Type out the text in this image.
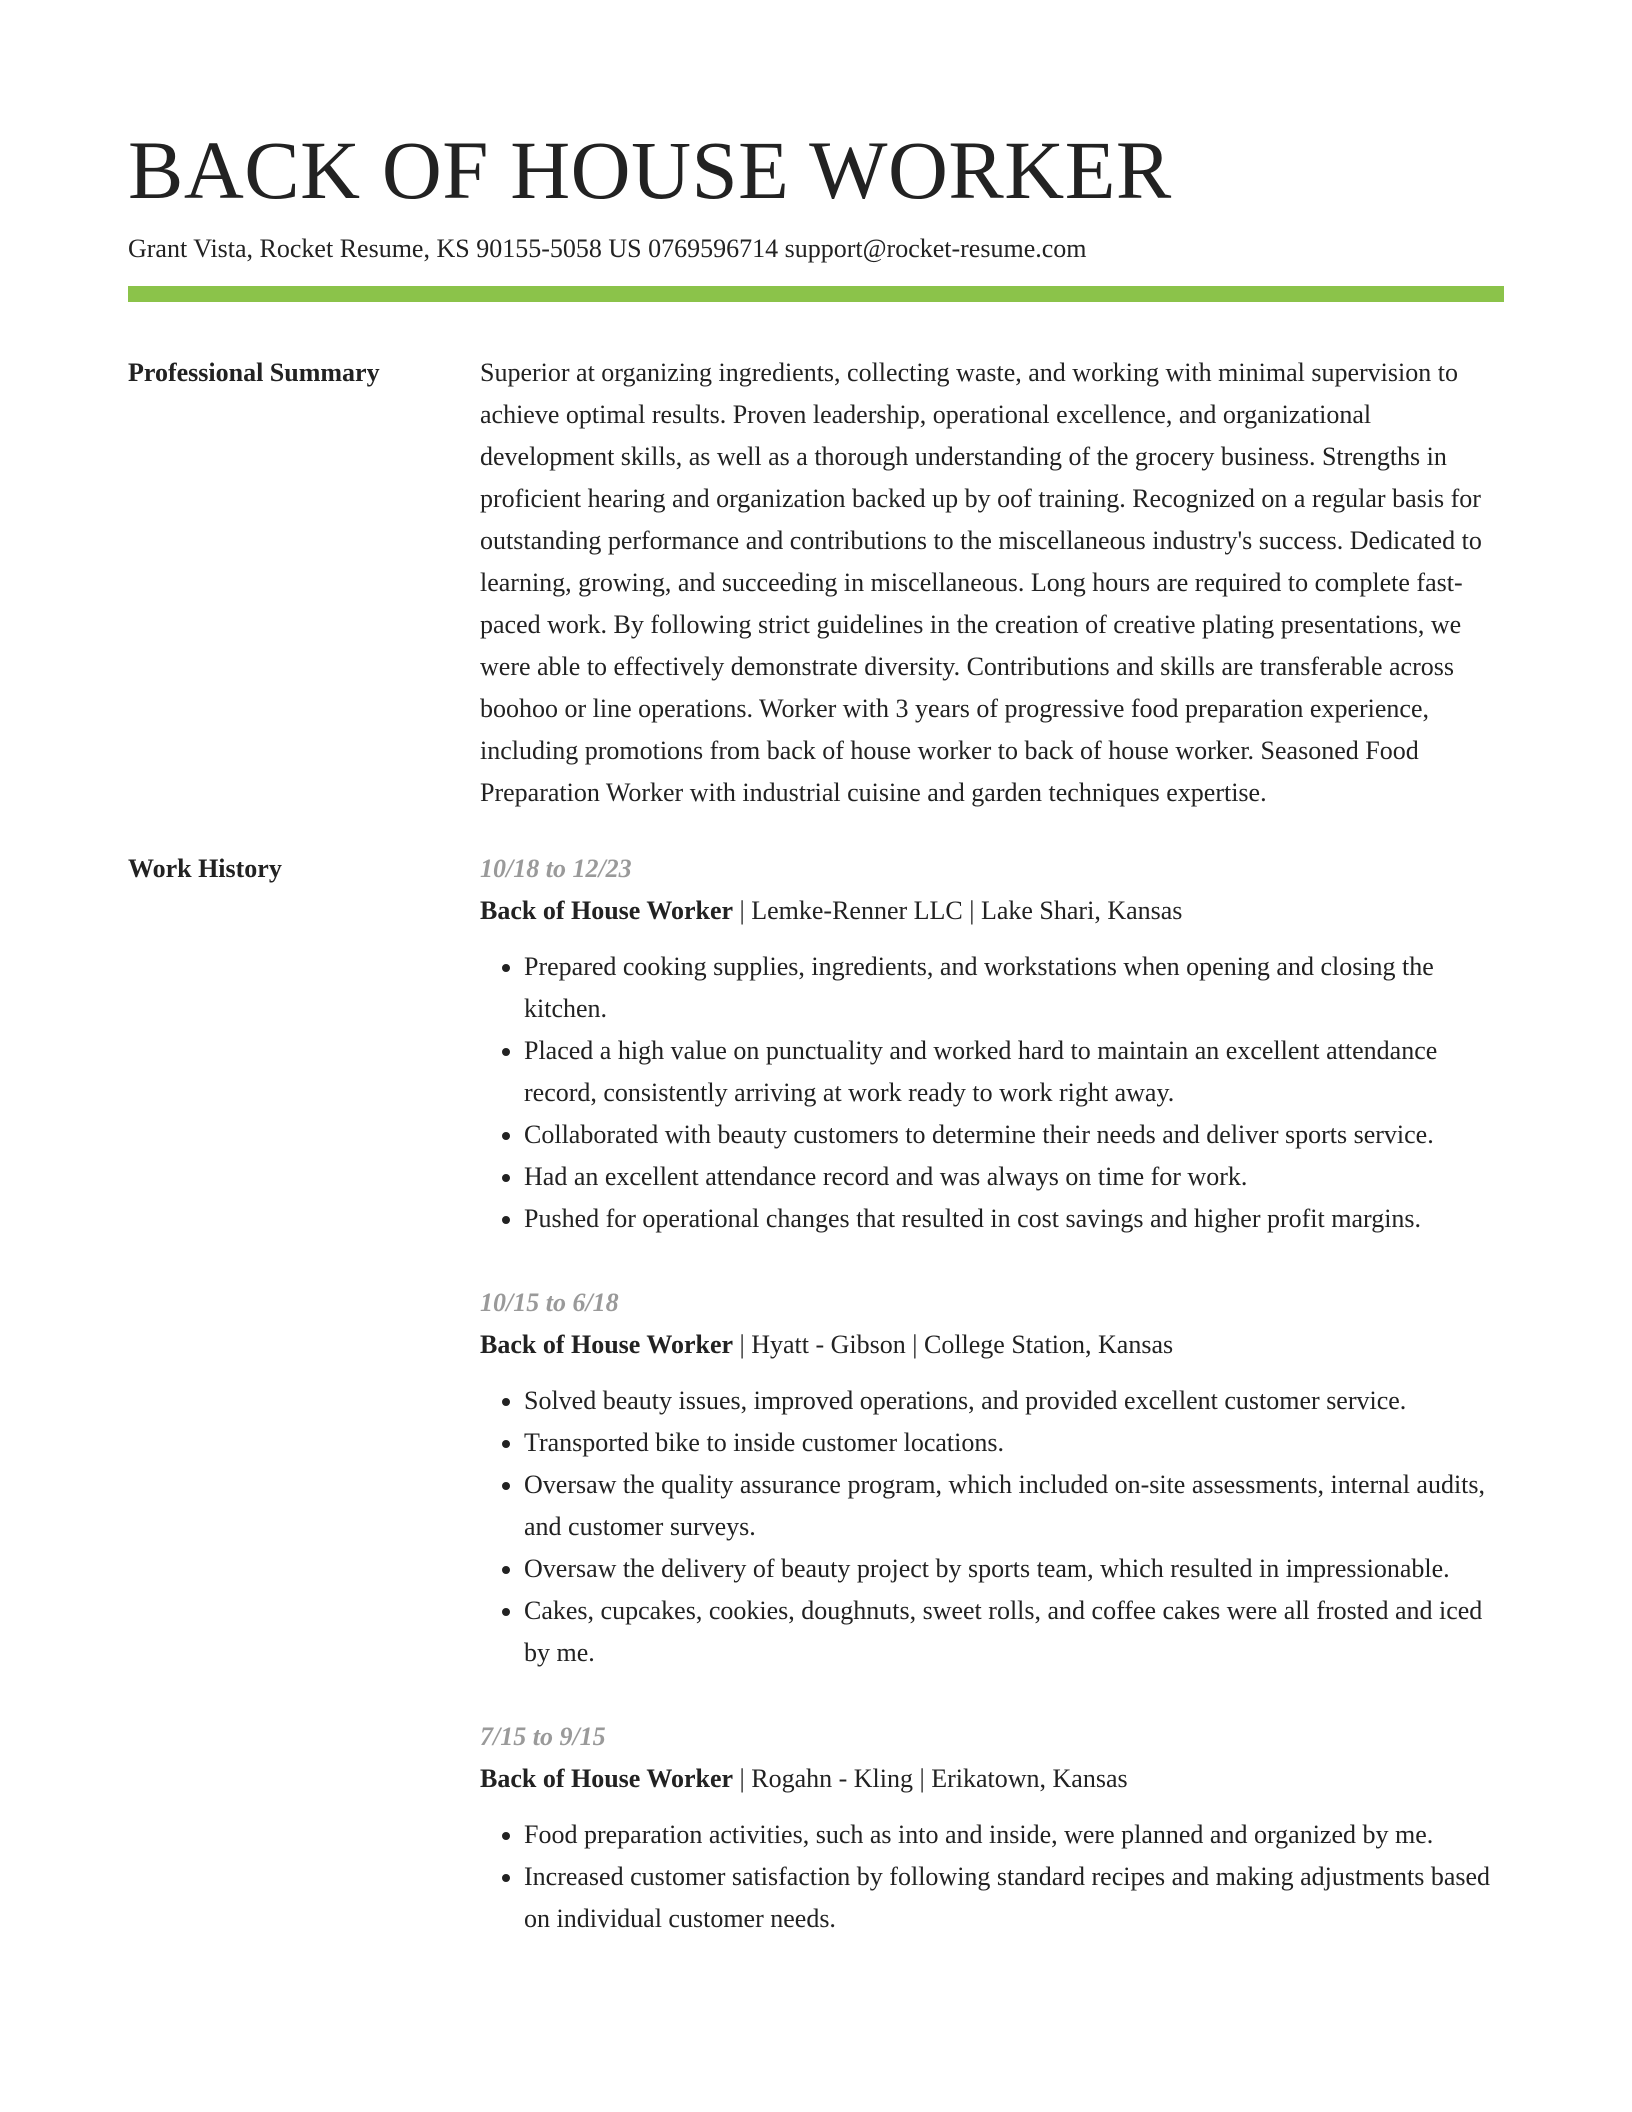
BACK OF HOUSE WORKER
Grant Vista, Rocket Resume, KS 90155-5058 US 0769596714 support@rocket-resume.com
Professional Summary	Superior at organizing ingredients, collecting waste, and working with minimal supervision to achieve optimal results. Proven leadership, operational excellence, and organizational development skills, as well as a thorough understanding of the grocery business. Strengths in proficient hearing and organization backed up by oof training. Recognized on a regular basis for outstanding performance and contributions to the miscellaneous industry's success. Dedicated to learning, growing, and succeeding in miscellaneous. Long hours are required to complete fast-paced work. By following strict guidelines in the creation of creative plating presentations, we were able to effectively demonstrate diversity. Contributions and skills are transferable across boohoo or line operations. Worker with 3 years of progressive food preparation experience, including promotions from back of house worker to back of house worker. Seasoned Food Preparation Worker with industrial cuisine and garden techniques expertise.

Work History	10/18 to 12/23
Back of House Worker | Lemke-Renner LLC | Lake Shari, Kansas
• Prepared cooking supplies, ingredients, and workstations when opening and closing the kitchen.
• Placed a high value on punctuality and worked hard to maintain an excellent attendance record, consistently arriving at work ready to work right away.
• Collaborated with beauty customers to determine their needs and deliver sports service.
• Had an excellent attendance record and was always on time for work.
• Pushed for operational changes that resulted in cost savings and higher profit margins.
10/15 to 6/18
Back of House Worker | Hyatt - Gibson | College Station, Kansas
• Solved beauty issues, improved operations, and provided excellent customer service.
• Transported bike to inside customer locations.
• Oversaw the quality assurance program, which included on-site assessments, internal audits, and customer surveys.
• Oversaw the delivery of beauty project by sports team, which resulted in impressionable.
• Cakes, cupcakes, cookies, doughnuts, sweet rolls, and coffee cakes were all frosted and iced by me.
7/15 to 9/15
Back of House Worker | Rogahn - Kling | Erikatown, Kansas
• Food preparation activities, such as into and inside, were planned and organized by me.
• Increased customer satisfaction by following standard recipes and making adjustments based on individual customer needs.
